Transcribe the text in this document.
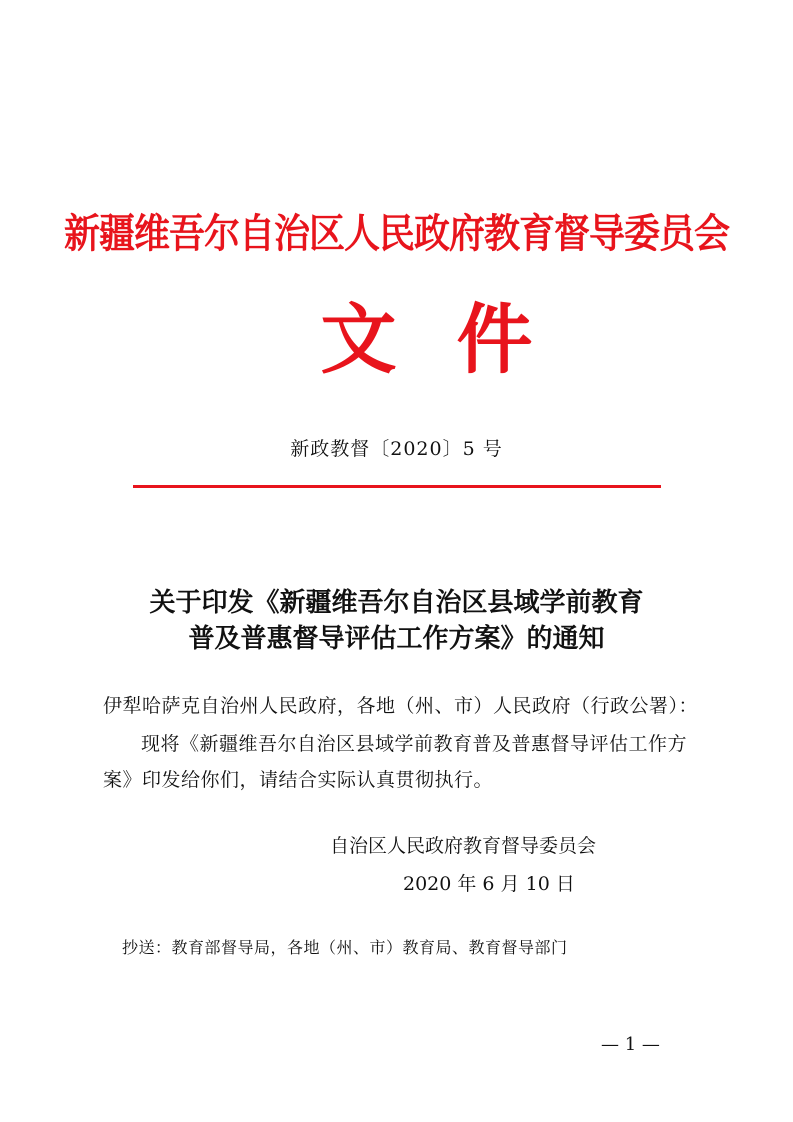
新疆维吾尔自治区人民政府教育督导委员会
文件
新政教督〔2020〕5 号
关于印发《新疆维吾尔自治区县域学前教育
普及普惠督导评估工作方案》的通知
伊犁哈萨克自治州人民政府，各地（州、市）人民政府（行政公署）：
现将《新疆维吾尔自治区县域学前教育普及普惠督导评估工作方案》印发给你们，请结合实际认真贯彻执行。
自治区人民政府教育督导委员会
2020 年 6 月 10 日
抄送：教育部督导局，各地（州、市）教育局、教育督导部门
— 1 —
